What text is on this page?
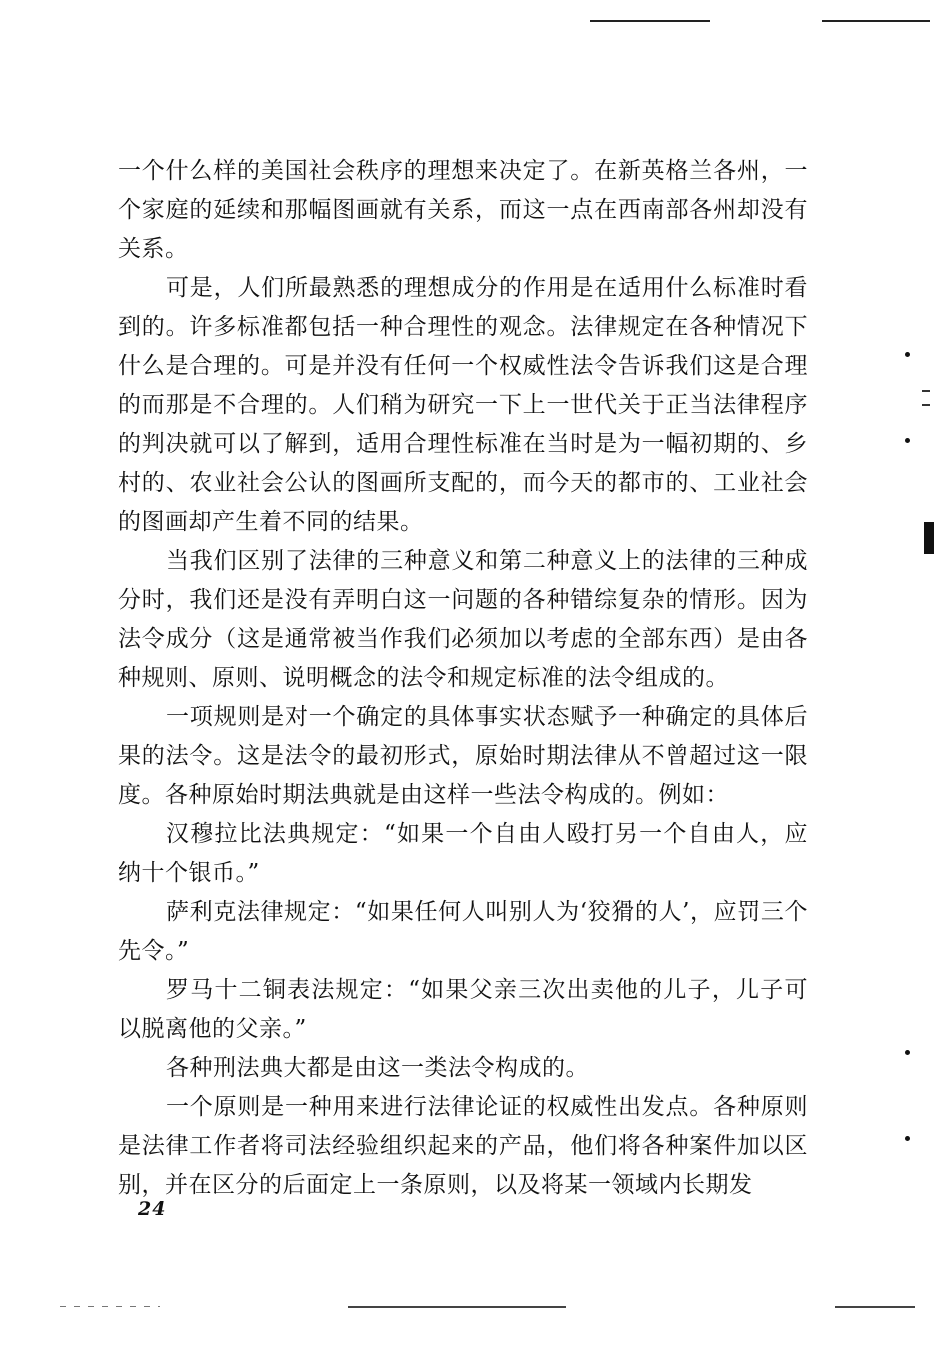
一个什么样的美国社会秩序的理想来决定了。在新英格兰各州，一个家庭的延续和那幅图画就有关系，而这一点在西南部各州却没有关系。

可是，人们所最熟悉的理想成分的作用是在适用什么标准时看到的。许多标准都包括一种合理性的观念。法律规定在各种情况下什么是合理的。可是并没有任何一个权威性法令告诉我们这是合理的而那是不合理的。人们稍为研究一下上一世代关于正当法律程序的判决就可以了解到，适用合理性标准在当时是为一幅初期的、乡村的、农业社会公认的图画所支配的，而今天的都市的、工业社会的图画却产生着不同的结果。

当我们区别了法律的三种意义和第二种意义上的法律的三种成分时，我们还是没有弄明白这一问题的各种错综复杂的情形。因为法令成分（这是通常被当作我们必须加以考虑的全部东西）是由各种规则、原则、说明概念的法令和规定标准的法令组成的。

一项规则是对一个确定的具体事实状态赋予一种确定的具体后果的法令。这是法令的最初形式，原始时期法律从不曾超过这一限度。各种原始时期法典就是由这样一些法令构成的。例如：

汉穆拉比法典规定：“如果一个自由人殴打另一个自由人，应纳十个银币。”

萨利克法律规定：“如果任何人叫别人为‘狡猾的人’，应罚三个先令。”

罗马十二铜表法规定：“如果父亲三次出卖他的儿子，儿子可以脱离他的父亲。”

各种刑法典大都是由这一类法令构成的。

一个原则是一种用来进行法律论证的权威性出发点。各种原则是法律工作者将司法经验组织起来的产品，他们将各种案件加以区别，并在区分的后面定上一条原则，以及将某一领域内长期发

24
